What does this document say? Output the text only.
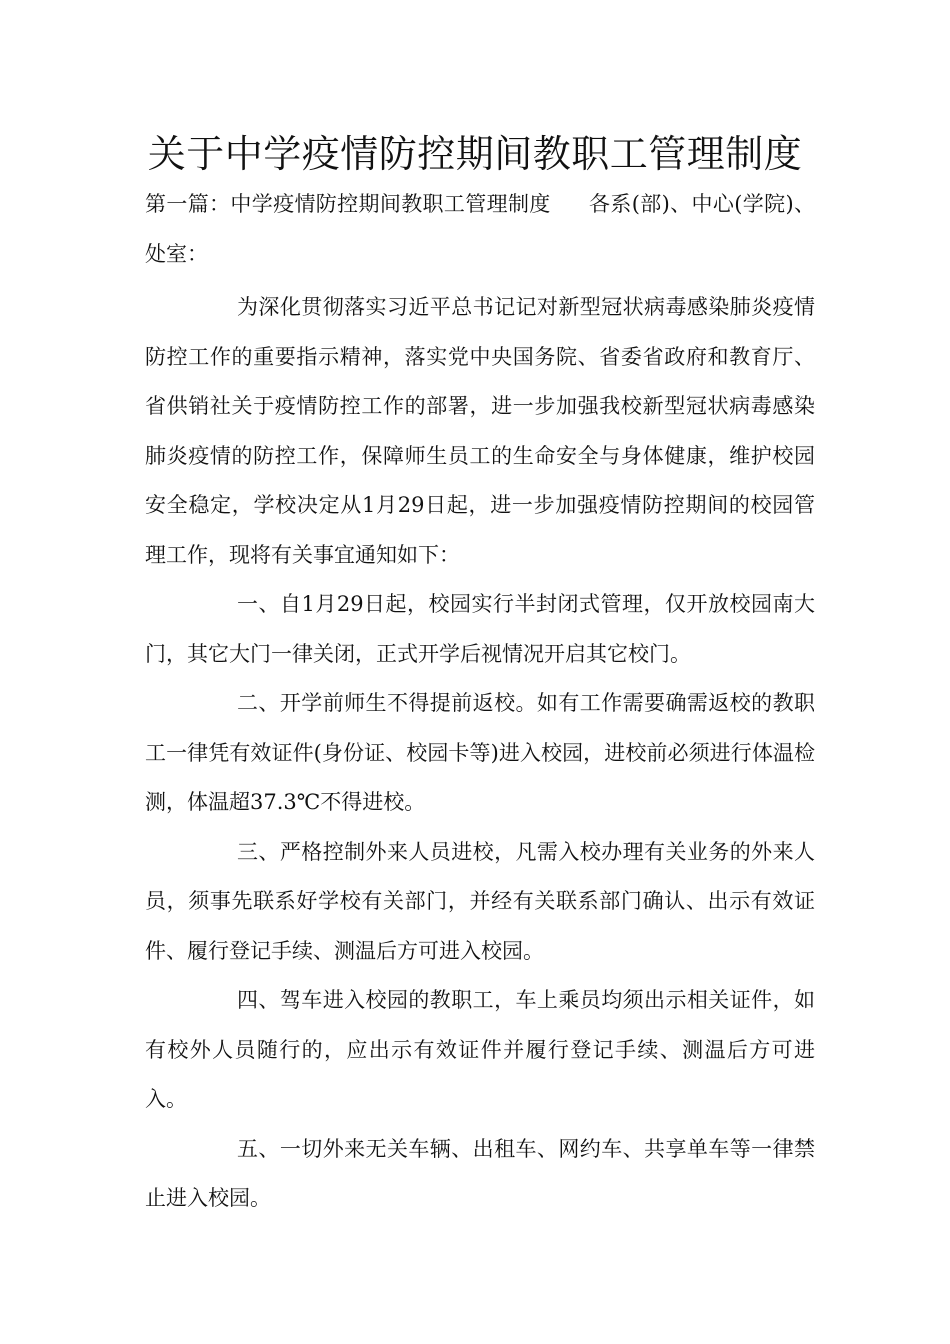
关于中学疫情防控期间教职工管理制度

第一篇：中学疫情防控期间教职工管理制度 各系(部)、中心(学院)、处室：

为深化贯彻落实习近平总书记记对新型冠状病毒感染肺炎疫情防控工作的重要指示精神，落实党中央国务院、省委省政府和教育厅、省供销社关于疫情防控工作的部署，进一步加强我校新型冠状病毒感染肺炎疫情的防控工作，保障师生员工的生命安全与身体健康，维护校园安全稳定，学校决定从1月29日起，进一步加强疫情防控期间的校园管理工作，现将有关事宜通知如下：

一、自1月29日起，校园实行半封闭式管理，仅开放校园南大门，其它大门一律关闭，正式开学后视情况开启其它校门。

二、开学前师生不得提前返校。如有工作需要确需返校的教职工一律凭有效证件(身份证、校园卡等)进入校园，进校前必须进行体温检测，体温超37.3℃不得进校。

三、严格控制外来人员进校，凡需入校办理有关业务的外来人员，须事先联系好学校有关部门，并经有关联系部门确认、出示有效证件、履行登记手续、测温后方可进入校园。

四、驾车进入校园的教职工，车上乘员均须出示相关证件，如有校外人员随行的，应出示有效证件并履行登记手续、测温后方可进入。

五、一切外来无关车辆、出租车、网约车、共享单车等一律禁止进入校园。
